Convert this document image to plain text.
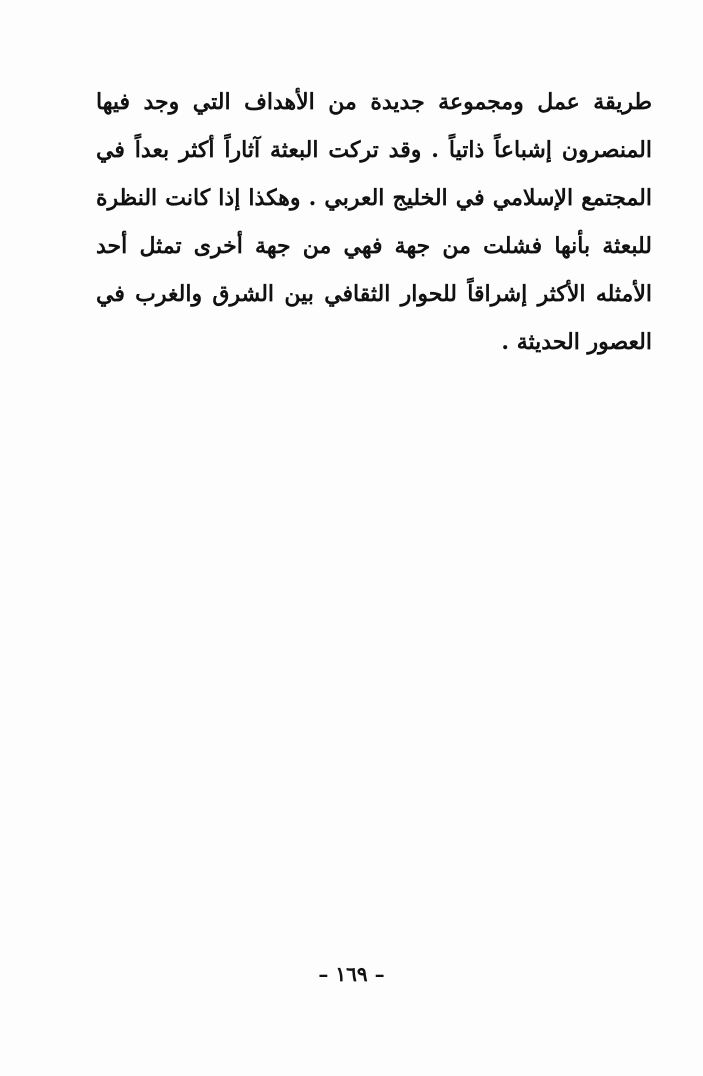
طريقة عمل ومجموعة جديدة من الأهداف التي وجد فيها
المنصرون إشباعاً ذاتياً . وقد تركت البعثة آثاراً أكثر بعداً في
المجتمع الإسلامي في الخليج العربي . وهكذا إذا كانت النظرة
للبعثة بأنها فشلت من جهة فهي من جهة أخرى تمثل أحد
الأمثله الأكثر إشراقاً للحوار الثقافي بين الشرق والغرب في
العصور الحديثة .
– ١٦٩ –
